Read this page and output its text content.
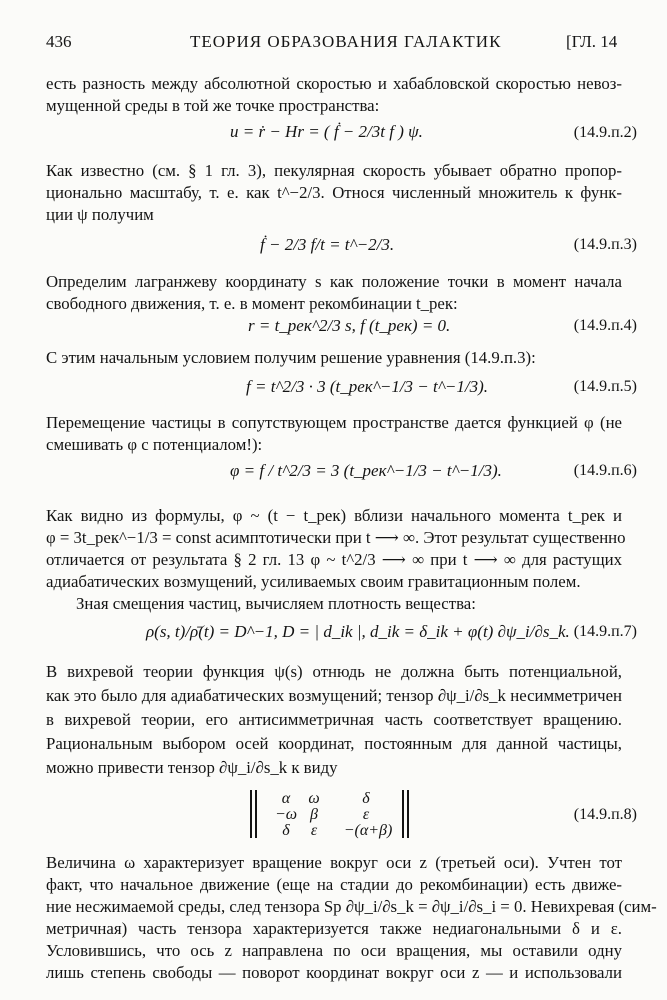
436	ТЕОРИЯ ОБРАЗОВАНИЯ ГАЛАКТИК	[ГЛ. 14
есть разность между абсолютной скоростью и хабабловской скоростью невоз-
мущенной среды в той же точке пространства:
u = ṙ − Hr = ( ḟ − 2/3t f ) ψ.	(14.9.п.2)
Как известно (см. § 1 гл. 3), пекулярная скорость убывает обратно пропор-
ционально масштабу, т. е. как t^−2/3. Относя численный множитель к функ-
ции ψ получим
ḟ − 2/3 f/t = t^−2/3.	(14.9.п.3)
Определим лагранжеву координату s как положение точки в момент начала
свободного движения, т. е. в момент рекомбинации t_рек:
r = t_рек^2/3 s, f (t_рек) = 0.	(14.9.п.4)
С этим начальным условием получим решение уравнения (14.9.п.3):
f = t^2/3 · 3 (t_рек^−1/3 − t^−1/3).	(14.9.п.5)
Перемещение частицы в сопутствующем пространстве дается функцией φ (не
смешивать φ с потенциалом!):
φ = f / t^2/3 = 3 (t_рек^−1/3 − t^−1/3).	(14.9.п.6)
Как видно из формулы, φ ~ (t − t_рек) вблизи начального момента t_рек и
φ = 3t_рек^−1/3 = const асимптотически при t ⟶ ∞. Этот результат существенно
отличается от результата § 2 гл. 13 φ ~ t^2/3 ⟶ ∞ при t ⟶ ∞ для растущих
адиабатических возмущений, усиливаемых своим гравитационным полем.
Зная смещения частиц, вычисляем плотность вещества:
ρ(s, t)/ρ̄(t) = D^−1, D = | d_ik |, d_ik = δ_ik + φ(t) ∂ψ_i/∂s_k. (14.9.п.7)
В вихревой теории функция ψ(s) отнюдь не должна быть потенциальной,
как это было для адиабатических возмущений; тензор ∂ψ_i/∂s_k несимметричен
в вихревой теории, его антисимметричная часть соответствует вращению.
Рациональным выбором осей координат, постоянным для данной частицы,
можно привести тензор ∂ψ_i/∂s_k к виду
α	ω	δ
−ω β	ε
δ	ε	−(α+β)
(14.9.п.8)
Величина ω характеризует вращение вокруг оси z (третьей оси). Учтен тот
факт, что начальное движение (еще на стадии до рекомбинации) есть движе-
ние несжимаемой среды, след тензора Sp ∂ψ_i/∂s_k = ∂ψ_i/∂s_i = 0. Невихревая (сим-
метричная) часть тензора характеризуется также недиагональными δ и ε.
Условившись, что ось z направлена по оси вращения, мы оставили одну
лишь степень свободы — поворот координат вокруг оси z — и использовали
